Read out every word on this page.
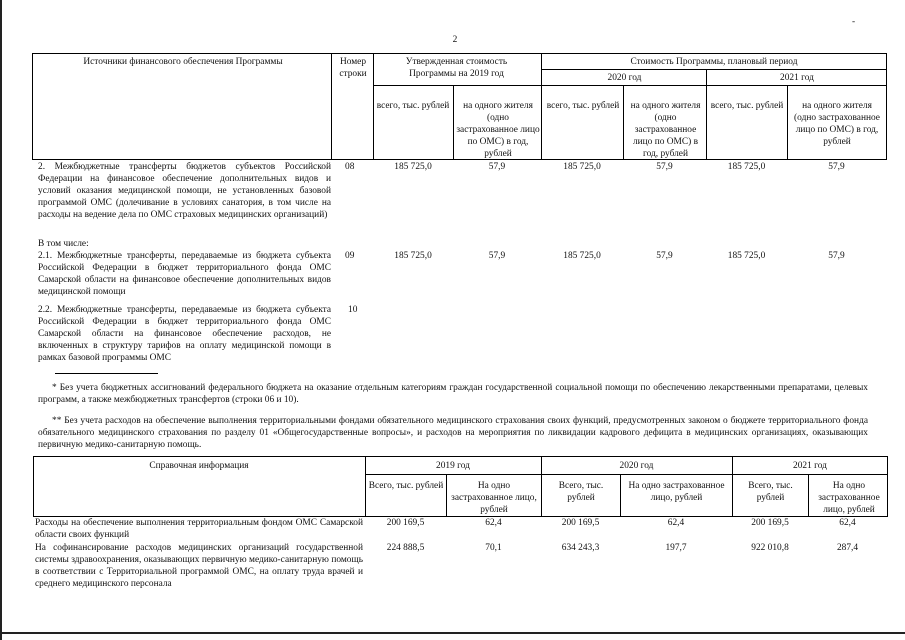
2
-
Источники финансового обеспечения Программы	Номер строки
Утвержденная стоимость Программы на 2019 год
Стоимость Программы, плановый период
2020 год	2021 год
всего, тыс. рублей	на одного жителя (одно застрахованное лицо по ОМС) в год, рублей
всего, тыс. рублей	на одного жителя (одно застрахованное лицо по ОМС) в год, рублей
всего, тыс. рублей	на одного жителя (одно застрахованное лицо по ОМС) в год, рублей
2. Межбюджетные трансферты бюджетов субъектов Российской Федерации на финансовое обеспечение дополнительных видов и условий оказания медицинской помощи, не установленных базовой программой ОМС (долечивание в условиях санатория, в том числе на расходы на ведение дела по ОМС страховых медицинских организаций)
08	185 725,0	57,9	185 725,0	57,9	185 725,0	57,9
В том числе:
2.1. Межбюджетные трансферты, передаваемые из бюджета субъекта Российской Федерации в бюджет территориального фонда ОМС Самарской области на финансовое обеспечение дополнительных видов медицинской помощи
09	185 725,0	57,9	185 725,0	57,9	185 725,0	57,9
2.2. Межбюджетные трансферты, передаваемые из бюджета субъекта Российской Федерации в бюджет территориального фонда ОМС Самарской области на финансовое обеспечение расходов, не включенных в структуру тарифов на оплату медицинской помощи в рамках базовой программы ОМС
10
* Без учета бюджетных ассигнований федерального бюджета на оказание отдельным категориям граждан государственной социальной помощи по обеспечению лекарственными препаратами, целевых программ, а также межбюджетных трансфертов (строки 06 и 10).
** Без учета расходов на обеспечение выполнения территориальными фондами обязательного медицинского страхования своих функций, предусмотренных законом о бюджете территориального фонда обязательного медицинского страхования по разделу 01 «Общегосударственные вопросы», и расходов на мероприятия по ликвидации кадрового дефицита в медицинских организациях, оказывающих первичную медико-санитарную помощь.
Справочная информация	2019 год	2020 год	2021 год
Всего, тыс. рублей	На одно застрахованное лицо, рублей
Всего, тыс. рублей
На одно застрахованное лицо, рублей
Всего, тыс. рублей
На одно застрахованное лицо, рублей
Расходы на обеспечение выполнения территориальным фондом ОМС Самарской области своих функций
200 169,5	62,4	200 169,5	62,4	200 169,5	62,4
На софинансирование расходов медицинских организаций государственной системы здравоохранения, оказывающих первичную медико-санитарную помощь в соответствии с Территориальной программой ОМС, на оплату труда врачей и среднего медицинского персонала
224 888,5	70,1	634 243,3	197,7	922 010,8	287,4
